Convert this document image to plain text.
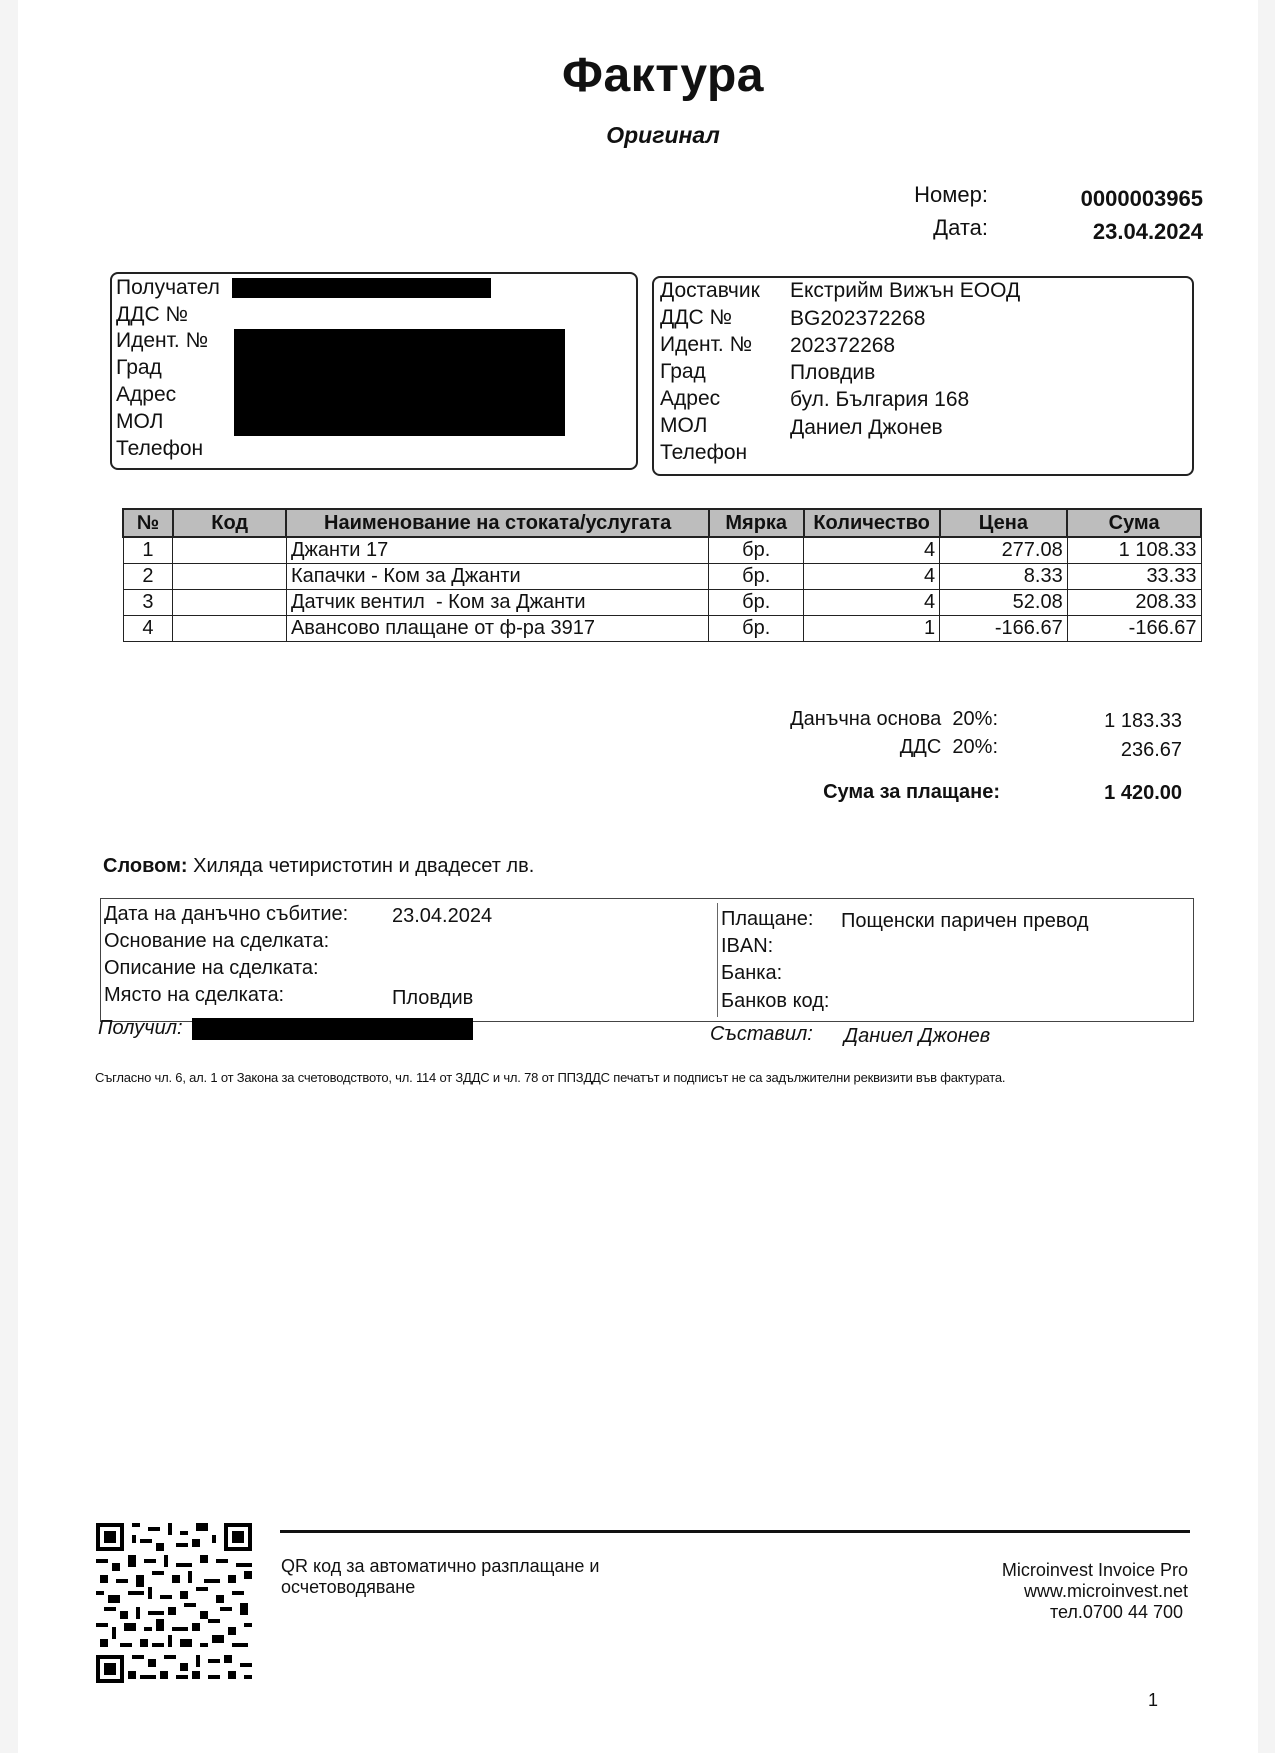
Фактура
Оригинал
Номер:	0000003965
Дата:	23.04.2024
Получател
ДДС №
Идент. №
Град
Адрес
МОЛ
Телефон
Доставчик Екстрийм Вижън ЕООД
ДДС №	BG202372268
Идент. № 202372268
Град	Пловдив
Адрес	бул. България 168
МОЛ	Даниел Джонев
Телефон
№	Код	Наименование на стоката/услугата	Мярка	Количество	Цена	Сума
1		Джанти 17	бр.	4	277.08	1 108.33
2		Капачки - Ком за Джанти	бр.	4	8.33	33.33
3		Датчик вентил  - Ком за Джанти	бр.	4	52.08	208.33
4		Авансово плащане от ф-ра 3917	бр.	1	-166.67	-166.67
Данъчна основа  20%:	1 183.33
ДДС  20%:	236.67
Сума за плащане:	1 420.00
Словом: Хиляда четиристотин и двадесет лв.
Дата на данъчно събитие: 23.04.2024
Основание на сделката:
Описание на сделката:
Място на сделката:	Пловдив
Плащане: Пощенски паричен превод
IBAN:
Банка:
Банков код:
Получил:	Съставил: Даниел Джонев
Съгласно чл. 6, ал. 1 от Закона за счетоводството, чл. 114 от ЗДДС и чл. 78 от ППЗДДС печатът и подписът не са задължителни реквизити във фактурата.
QR код за автоматично разплащане и
осчетоводяване
Microinvest Invoice Pro
www.microinvest.net
тел.0700 44 700
1
